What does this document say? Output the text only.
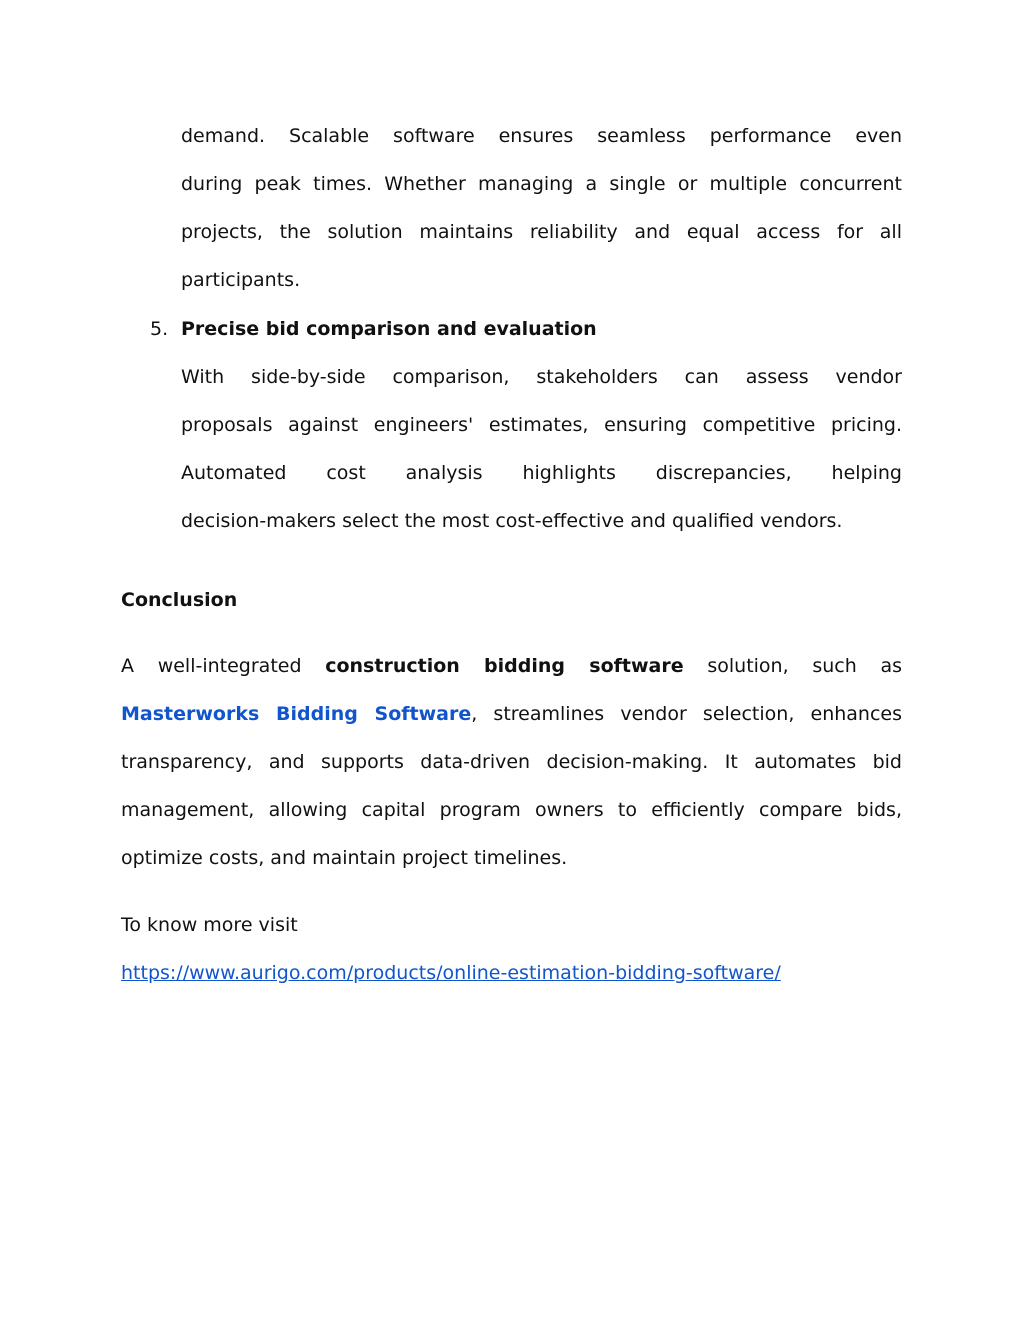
demand. Scalable software ensures seamless performance even

during peak times. Whether managing a single or multiple concurrent

projects, the solution maintains reliability and equal access for all

participants.

5. Precise bid comparison and evaluation

With side-by-side comparison, stakeholders can assess vendor

proposals against engineers' estimates, ensuring competitive pricing.

Automated cost analysis highlights discrepancies, helping

decision-makers select the most cost-effective and qualified vendors.

Conclusion

A well-integrated construction bidding software solution, such as

Masterworks Bidding Software, streamlines vendor selection, enhances

transparency, and supports data-driven decision-making. It automates bid

management, allowing capital program owners to efficiently compare bids,

optimize costs, and maintain project timelines.

To know more visit

https://www.aurigo.com/products/online-estimation-bidding-software/
